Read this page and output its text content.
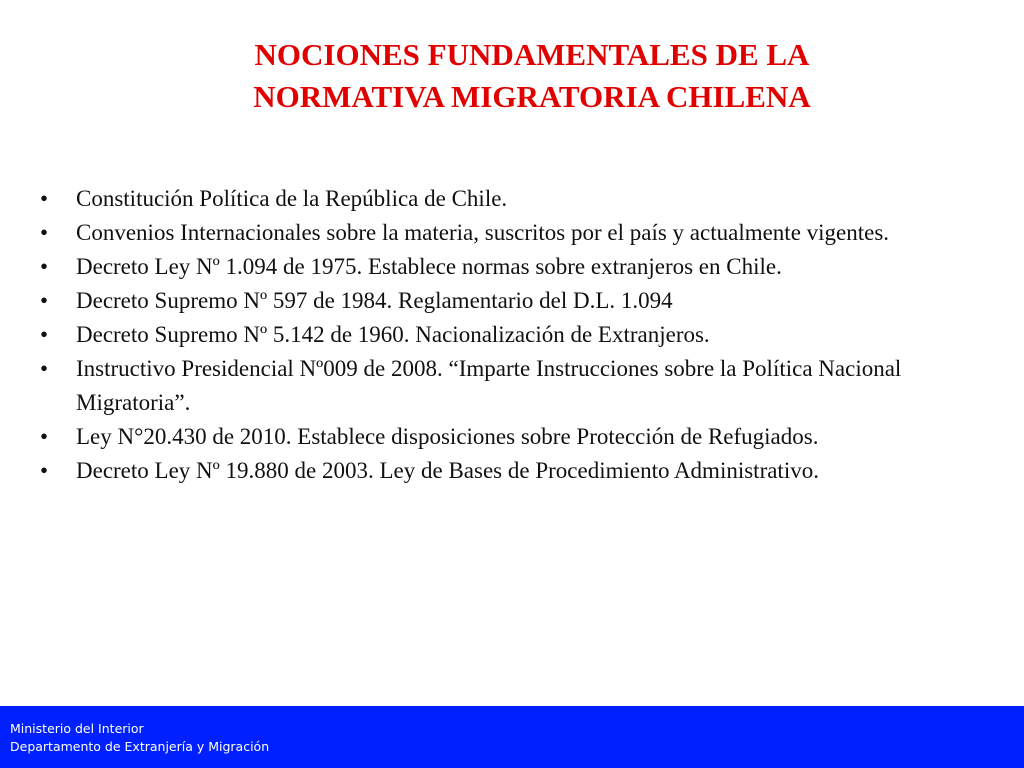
NOCIONES FUNDAMENTALES DE LA
NORMATIVA MIGRATORIA CHILENA
•	Constitución Política de la República de Chile.
•	Convenios Internacionales sobre la materia, suscritos por el país y actualmente vigentes.
•	Decreto Ley Nº 1.094 de 1975. Establece normas sobre extranjeros en Chile.
•	Decreto Supremo Nº 597 de 1984. Reglamentario del D.L. 1.094
•	Decreto Supremo Nº 5.142 de 1960. Nacionalización de Extranjeros.
•	Instructivo Presidencial Nº009 de 2008. “Imparte Instrucciones sobre la Política Nacional Migratoria”.
•	Ley N°20.430 de 2010. Establece disposiciones sobre Protección de Refugiados.
•	Decreto Ley Nº 19.880 de 2003. Ley de Bases de Procedimiento Administrativo.
Ministerio del Interior
Departamento de Extranjería y Migración
